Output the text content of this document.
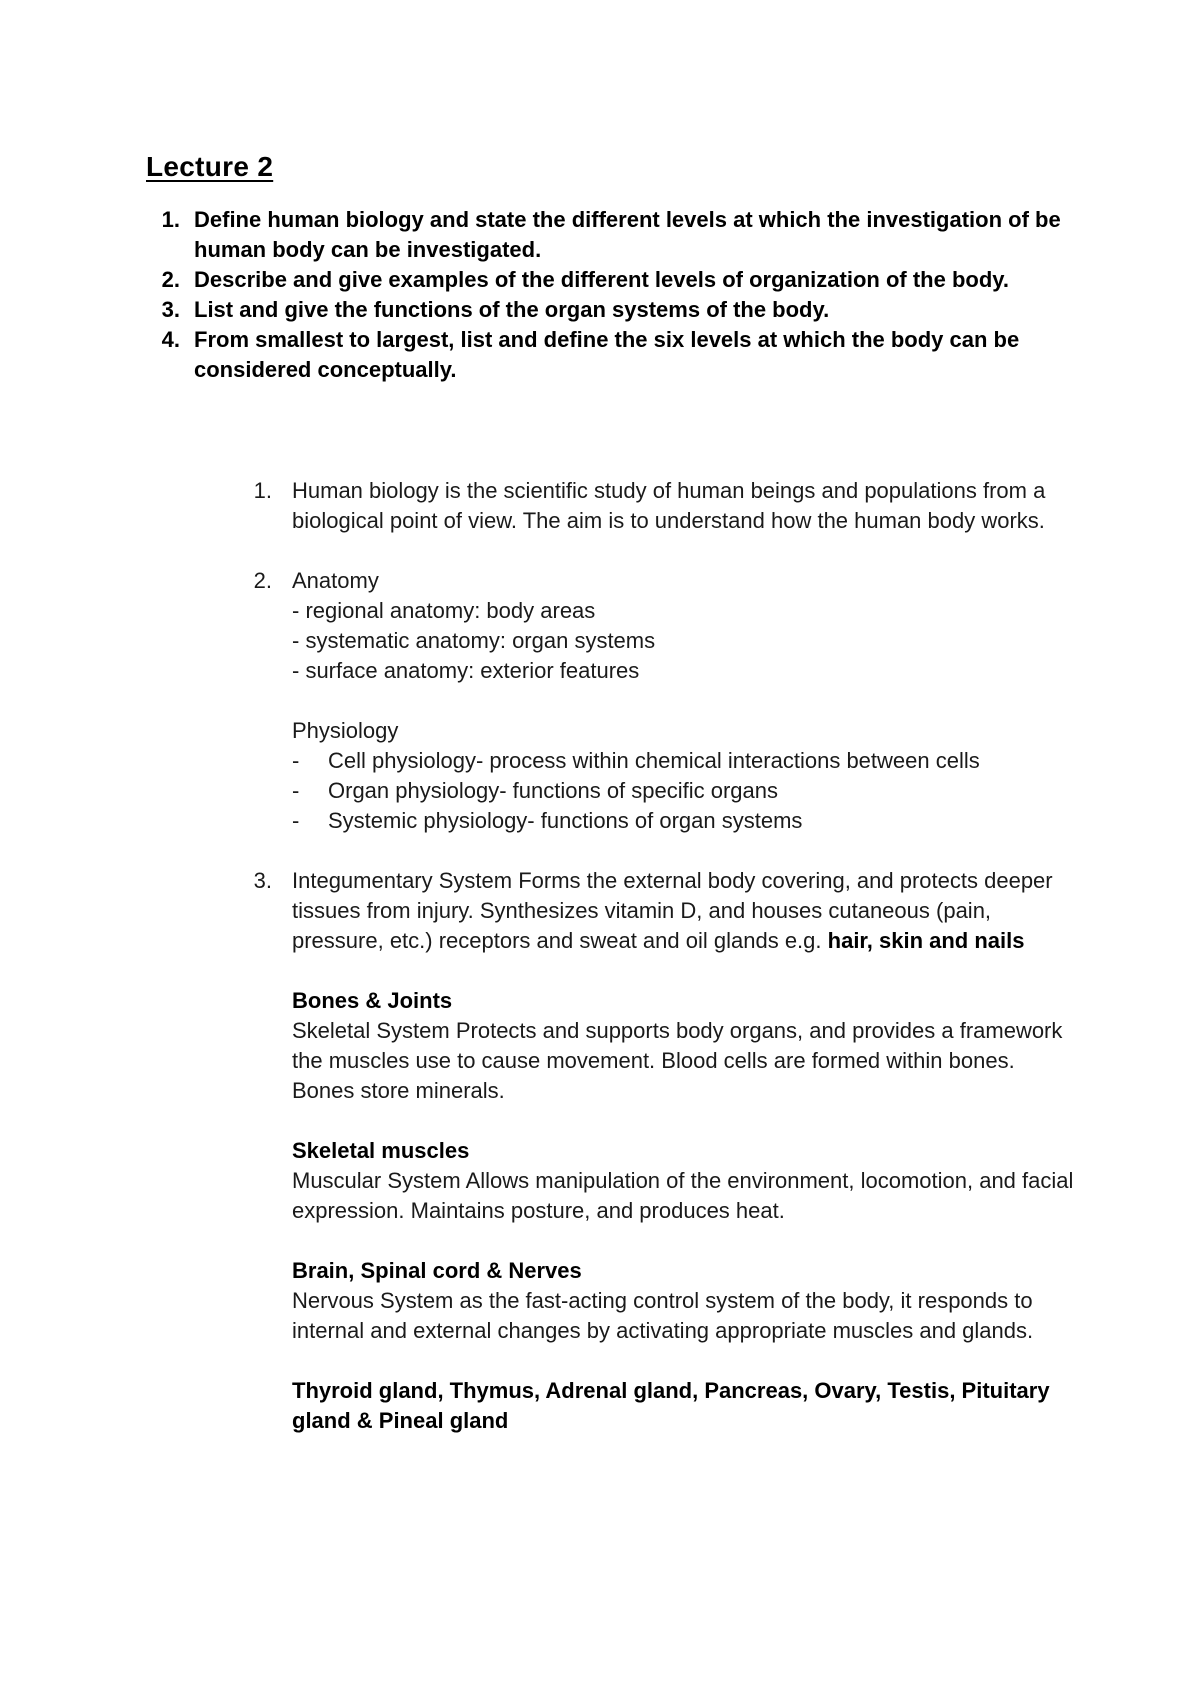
Lecture 2
1. Define human biology and state the different levels at which the investigation of be human body can be investigated.
2. Describe and give examples of the different levels of organization of the body.
3. List and give the functions of the organ systems of the body.
4. From smallest to largest, list and define the six levels at which the body can be considered conceptually.
1. Human biology is the scientific study of human beings and populations from a biological point of view. The aim is to understand how the human body works.
2. Anatomy
- regional anatomy: body areas
- systematic anatomy: organ systems
- surface anatomy: exterior features
Physiology
-	Cell physiology- process within chemical interactions between cells
-	Organ physiology- functions of specific organs
-	Systemic physiology- functions of organ systems
3. Integumentary System Forms the external body covering, and protects deeper tissues from injury. Synthesizes vitamin D, and houses cutaneous (pain, pressure, etc.) receptors and sweat and oil glands e.g. hair, skin and nails
Bones & Joints
Skeletal System Protects and supports body organs, and provides a framework the muscles use to cause movement. Blood cells are formed within bones. Bones store minerals.
Skeletal muscles
Muscular System Allows manipulation of the environment, locomotion, and facial expression. Maintains posture, and produces heat.
Brain, Spinal cord & Nerves
Nervous System as the fast-acting control system of the body, it responds to internal and external changes by activating appropriate muscles and glands.
Thyroid gland, Thymus, Adrenal gland, Pancreas, Ovary, Testis, Pituitary gland & Pineal gland
